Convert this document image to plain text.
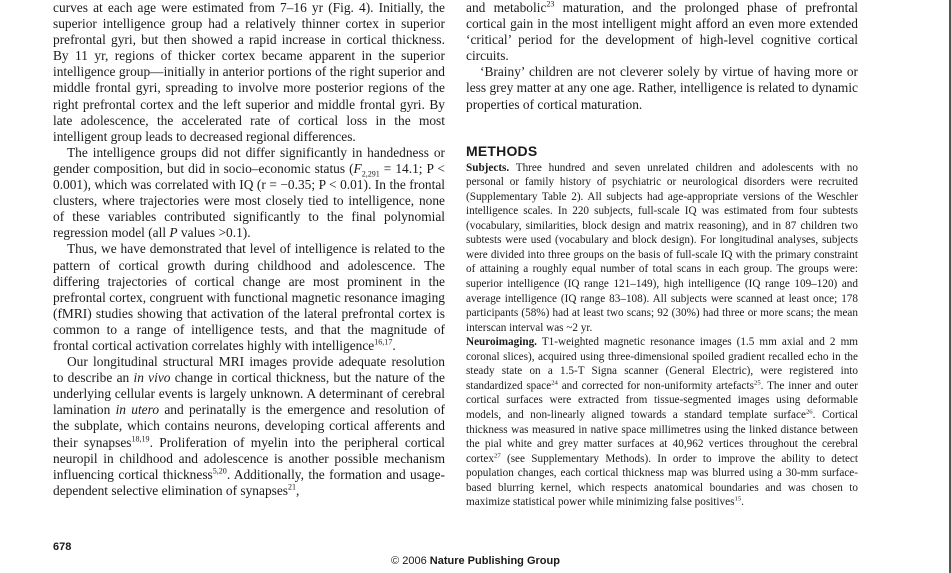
curves at each age were estimated from 7–16 yr (Fig. 4). Initially, the superior intelligence group had a relatively thinner cortex in superior prefrontal gyri, but then showed a rapid increase in cortical thickness. By 11 yr, regions of thicker cortex became apparent in the superior intelligence group—initially in anterior portions of the right superior and middle frontal gyri, spreading to involve more posterior regions of the right prefrontal cortex and the left superior and middle frontal gyri. By late adolescence, the accelerated rate of cortical loss in the most intelligent group leads to decreased regional differences.

The intelligence groups did not differ significantly in handedness or gender composition, but did in socio–economic status ($F_{2,291} = 14.1$; P < 0.001), which was correlated with IQ (r = −0.35; P < 0.01). In the frontal clusters, where trajectories were most closely tied to intelligence, none of these variables contributed significantly to the final polynomial regression model (all P values >0.1).

Thus, we have demonstrated that level of intelligence is related to the pattern of cortical growth during childhood and adolescence. The differing trajectories of cortical change are most prominent in the prefrontal cortex, congruent with functional magnetic resonance imaging (fMRI) studies showing that activation of the lateral prefrontal cortex is common to a range of intelligence tests, and that the magnitude of frontal cortical activation correlates highly with intelligence$^{16,17}$.

Our longitudinal structural MRI images provide adequate resolution to describe an in vivo change in cortical thickness, but the nature of the underlying cellular events is largely unknown. A determinant of cerebral lamination in utero and perinatally is the emergence and resolution of the subplate, which contains neurons, developing cortical afferents and their synapses$^{18,19}$. Proliferation of myelin into the peripheral cortical neuropil in childhood and adolescence is another possible mechanism influencing cortical thickness$^{5,20}$. Additionally, the formation and usage-dependent selective elimination of synapses$^{21}$,

and metabolic$^{23}$ maturation, and the prolonged phase of prefrontal cortical gain in the most intelligent might afford an even more extended ‘critical’ period for the development of high-level cognitive cortical circuits.

‘Brainy’ children are not cleverer solely by virtue of having more or less grey matter at any one age. Rather, intelligence is related to dynamic properties of cortical maturation.

METHODS

Subjects. Three hundred and seven unrelated children and adolescents with no personal or family history of psychiatric or neurological disorders were recruited (Supplementary Table 2). All subjects had age-appropriate versions of the Weschler intelligence scales. In 220 subjects, full-scale IQ was estimated from four subtests (vocabulary, similarities, block design and matrix reasoning), and in 87 children two subtests were used (vocabulary and block design). For longitudinal analyses, subjects were divided into three groups on the basis of full-scale IQ with the primary constraint of attaining a roughly equal number of total scans in each group. The groups were: superior intelligence (IQ range 121–149), high intelligence (IQ range 109–120) and average intelligence (IQ range 83–108). All subjects were scanned at least once; 178 participants (58%) had at least two scans; 92 (30%) had three or more scans; the mean interscan interval was ~2 yr.

Neuroimaging. T1-weighted magnetic resonance images (1.5 mm axial and 2 mm coronal slices), acquired using three-dimensional spoiled gradient recalled echo in the steady state on a 1.5-T Signa scanner (General Electric), were registered into standardized space$^{24}$ and corrected for non-uniformity artefacts$^{25}$. The inner and outer cortical surfaces were extracted from tissue-segmented images using deformable models, and non-linearly aligned towards a standard template surface$^{26}$. Cortical thickness was measured in native space millimetres using the linked distance between the pial white and grey matter surfaces at 40,962 vertices throughout the cerebral cortex$^{27}$ (see Supplementary Methods). In order to improve the ability to detect population changes, each cortical thickness map was blurred using a 30-mm surface-based blurring kernel, which respects anatomical boundaries and was chosen to maximize statistical power while minimizing false positives$^{15}$.

678
© 2006 Nature Publishing Group
